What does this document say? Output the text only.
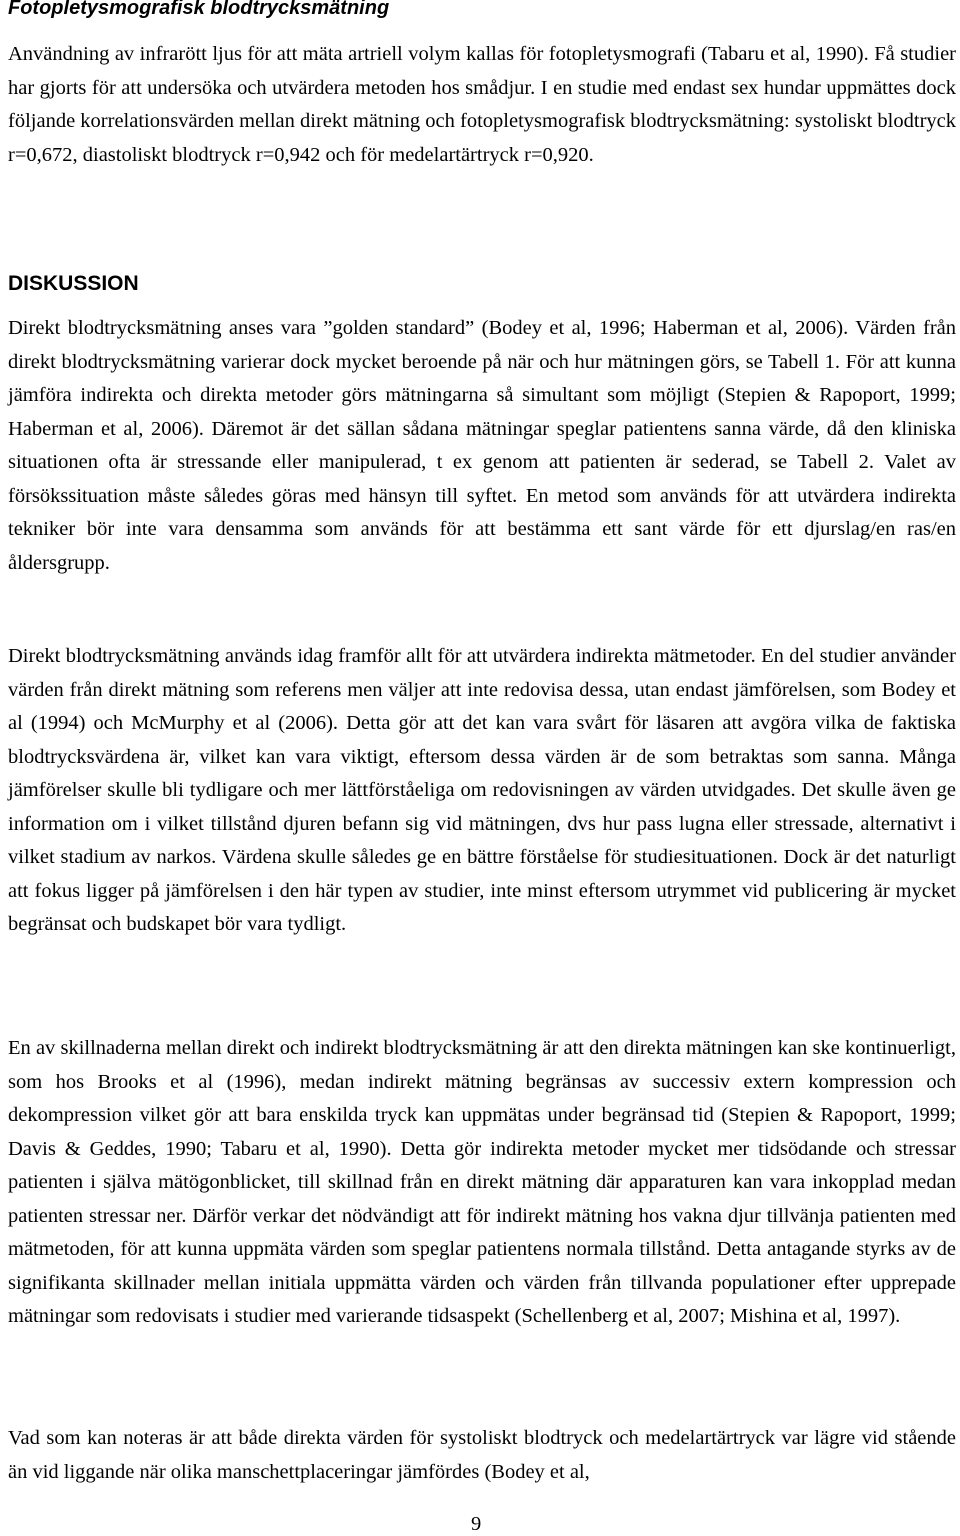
Fotopletysmografisk blodtrycksmätning

Användning av infrarött ljus för att mäta artriell volym kallas för fotopletysmografi (Tabaru et al, 1990). Få studier har gjorts för att undersöka och utvärdera metoden hos smådjur. I en studie med endast sex hundar uppmättes dock följande korrelationsvärden mellan direkt mätning och fotopletysmografisk blodtrycksmätning: systoliskt blodtryck r=0,672, diastoliskt blodtryck r=0,942 och för medelartärtryck r=0,920.

DISKUSSION

Direkt blodtrycksmätning anses vara ”golden standard” (Bodey et al, 1996; Haberman et al, 2006). Värden från direkt blodtrycksmätning varierar dock mycket beroende på när och hur mätningen görs, se Tabell 1. För att kunna jämföra indirekta och direkta metoder görs mätningarna så simultant som möjligt (Stepien & Rapoport, 1999; Haberman et al, 2006). Däremot är det sällan sådana mätningar speglar patientens sanna värde, då den kliniska situationen ofta är stressande eller manipulerad, t ex genom att patienten är sederad, se Tabell 2. Valet av försökssituation måste således göras med hänsyn till syftet. En metod som används för att utvärdera indirekta tekniker bör inte vara densamma som används för att bestämma ett sant värde för ett djurslag/en ras/en åldersgrupp.

Direkt blodtrycksmätning används idag framför allt för att utvärdera indirekta mätmetoder. En del studier använder värden från direkt mätning som referens men väljer att inte redovisa dessa, utan endast jämförelsen, som Bodey et al (1994) och McMurphy et al (2006). Detta gör att det kan vara svårt för läsaren att avgöra vilka de faktiska blodtrycksvärdena är, vilket kan vara viktigt, eftersom dessa värden är de som betraktas som sanna. Många jämförelser skulle bli tydligare och mer lättförståeliga om redovisningen av värden utvidgades. Det skulle även ge information om i vilket tillstånd djuren befann sig vid mätningen, dvs hur pass lugna eller stressade, alternativt i vilket stadium av narkos. Värdena skulle således ge en bättre förståelse för studiesituationen. Dock är det naturligt att fokus ligger på jämförelsen i den här typen av studier, inte minst eftersom utrymmet vid publicering är mycket begränsat och budskapet bör vara tydligt.

En av skillnaderna mellan direkt och indirekt blodtrycksmätning är att den direkta mätningen kan ske kontinuerligt, som hos Brooks et al (1996), medan indirekt mätning begränsas av successiv extern kompression och dekompression vilket gör att bara enskilda tryck kan uppmätas under begränsad tid (Stepien & Rapoport, 1999; Davis & Geddes, 1990; Tabaru et al, 1990). Detta gör indirekta metoder mycket mer tidsödande och stressar patienten i själva mätögonblicket, till skillnad från en direkt mätning där apparaturen kan vara inkopplad medan patienten stressar ner. Därför verkar det nödvändigt att för indirekt mätning hos vakna djur tillvänja patienten med mätmetoden, för att kunna uppmäta värden som speglar patientens normala tillstånd. Detta antagande styrks av de signifikanta skillnader mellan initiala uppmätta värden och värden från tillvanda populationer efter upprepade mätningar som redovisats i studier med varierande tidsaspekt (Schellenberg et al, 2007; Mishina et al, 1997).

Vad som kan noteras är att både direkta värden för systoliskt blodtryck och medelartärtryck var lägre vid stående än vid liggande när olika manschettplaceringar jämfördes (Bodey et al,

9
